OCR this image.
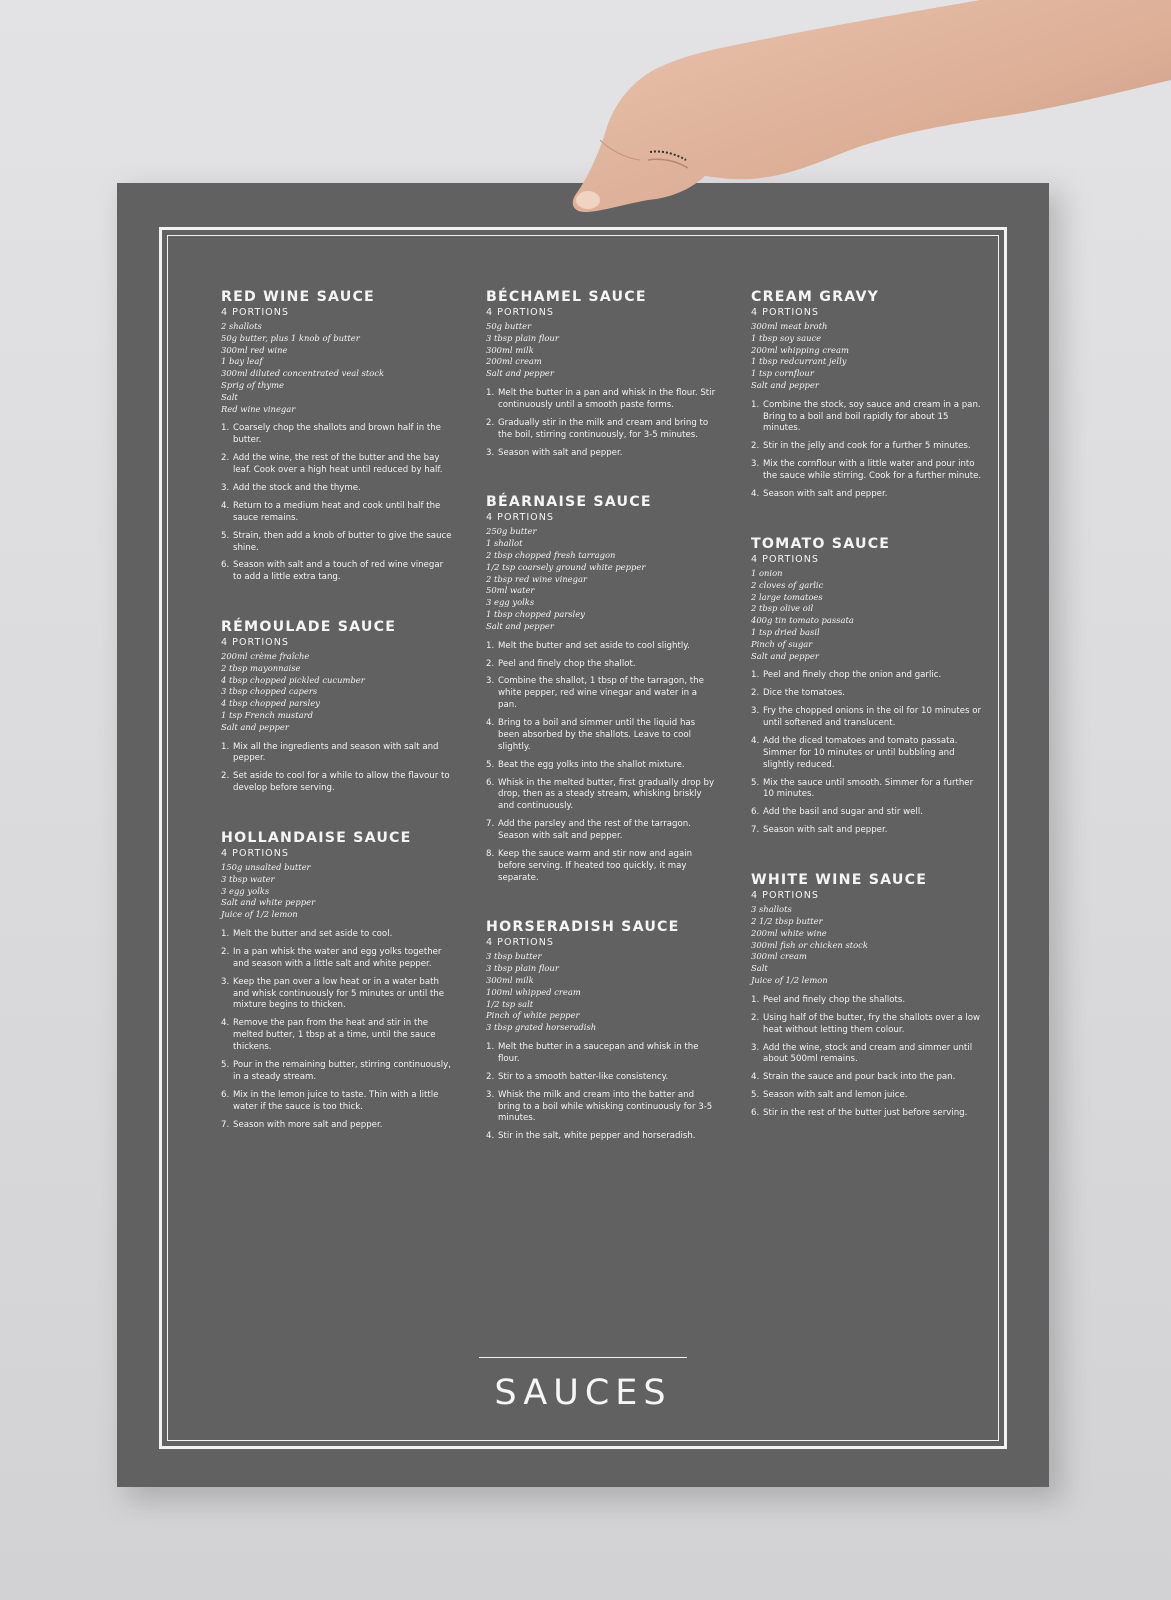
RED WINE SAUCE
4 PORTIONS
2 shallots
50g butter, plus 1 knob of butter
300ml red wine
1 bay leaf
300ml diluted concentrated veal stock
Sprig of thyme
Salt
Red wine vinegar
1. Coarsely chop the shallots and brown half in the butter.
2. Add the wine, the rest of the butter and the bay leaf. Cook over a high heat until reduced by half.
3. Add the stock and the thyme.
4. Return to a medium heat and cook until half the sauce remains.
5. Strain, then add a knob of butter to give the sauce shine.
6. Season with salt and a touch of red wine vinegar to add a little extra tang.
RÉMOULADE SAUCE
4 PORTIONS
200ml crème fraîche
2 tbsp mayonnaise
4 tbsp chopped pickled cucumber
3 tbsp chopped capers
4 tbsp chopped parsley
1 tsp French mustard
Salt and pepper
1. Mix all the ingredients and season with salt and pepper.
2. Set aside to cool for a while to allow the flavour to develop before serving.
HOLLANDAISE SAUCE
4 PORTIONS
150g unsalted butter
3 tbsp water
3 egg yolks
Salt and white pepper
Juice of 1/2 lemon
1. Melt the butter and set aside to cool.
2. In a pan whisk the water and egg yolks together and season with a little salt and white pepper.
3. Keep the pan over a low heat or in a water bath and whisk continuously for 5 minutes or until the mixture begins to thicken.
4. Remove the pan from the heat and stir in the melted butter, 1 tbsp at a time, until the sauce thickens.
5. Pour in the remaining butter, stirring continuously, in a steady stream.
6. Mix in the lemon juice to taste. Thin with a little water if the sauce is too thick.
7. Season with more salt and pepper.
BÉCHAMEL SAUCE
4 PORTIONS
50g butter
3 tbsp plain flour
300ml milk
200ml cream
Salt and pepper
1. Melt the butter in a pan and whisk in the flour. Stir continuously until a smooth paste forms.
2. Gradually stir in the milk and cream and bring to the boil, stirring continuously, for 3-5 minutes.
3. Season with salt and pepper.
BÉARNAISE SAUCE
4 PORTIONS
250g butter
1 shallot
2 tbsp chopped fresh tarragon
1/2 tsp coarsely ground white pepper
2 tbsp red wine vinegar
50ml water
3 egg yolks
1 tbsp chopped parsley
Salt and pepper
1. Melt the butter and set aside to cool slightly.
2. Peel and finely chop the shallot.
3. Combine the shallot, 1 tbsp of the tarragon, the white pepper, red wine vinegar and water in a pan.
4. Bring to a boil and simmer until the liquid has been absorbed by the shallots. Leave to cool slightly.
5. Beat the egg yolks into the shallot mixture.
6. Whisk in the melted butter, first gradually drop by drop, then as a steady stream, whisking briskly and continuously.
7. Add the parsley and the rest of the tarragon. Season with salt and pepper.
8. Keep the sauce warm and stir now and again before serving. If heated too quickly, it may separate.
HORSERADISH SAUCE
4 PORTIONS
3 tbsp butter
3 tbsp plain flour
300ml milk
100ml whipped cream
1/2 tsp salt
Pinch of white pepper
3 tbsp grated horseradish
1. Melt the butter in a saucepan and whisk in the flour.
2. Stir to a smooth batter-like consistency.
3. Whisk the milk and cream into the batter and bring to a boil while whisking continuously for 3-5 minutes.
4. Stir in the salt, white pepper and horseradish.
CREAM GRAVY
4 PORTIONS
300ml meat broth
1 tbsp soy sauce
200ml whipping cream
1 tbsp redcurrant jelly
1 tsp cornflour
Salt and pepper
1. Combine the stock, soy sauce and cream in a pan. Bring to a boil and boil rapidly for about 15 minutes.
2. Stir in the jelly and cook for a further 5 minutes.
3. Mix the cornflour with a little water and pour into the sauce while stirring. Cook for a further minute.
4. Season with salt and pepper.
TOMATO SAUCE
4 PORTIONS
1 onion
2 cloves of garlic
2 large tomatoes
2 tbsp olive oil
400g tin tomato passata
1 tsp dried basil
Pinch of sugar
Salt and pepper
1. Peel and finely chop the onion and garlic.
2. Dice the tomatoes.
3. Fry the chopped onions in the oil for 10 minutes or until softened and translucent.
4. Add the diced tomatoes and tomato passata. Simmer for 10 minutes or until bubbling and slightly reduced.
5. Mix the sauce until smooth. Simmer for a further 10 minutes.
6. Add the basil and sugar and stir well.
7. Season with salt and pepper.
WHITE WINE SAUCE
4 PORTIONS
3 shallots
2 1/2 tbsp butter
200ml white wine
300ml fish or chicken stock
300ml cream
Salt
Juice of 1/2 lemon
1. Peel and finely chop the shallots.
2. Using half of the butter, fry the shallots over a low heat without letting them colour.
3. Add the wine, stock and cream and simmer until about 500ml remains.
4. Strain the sauce and pour back into the pan.
5. Season with salt and lemon juice.
6. Stir in the rest of the butter just before serving.
SAUCES
